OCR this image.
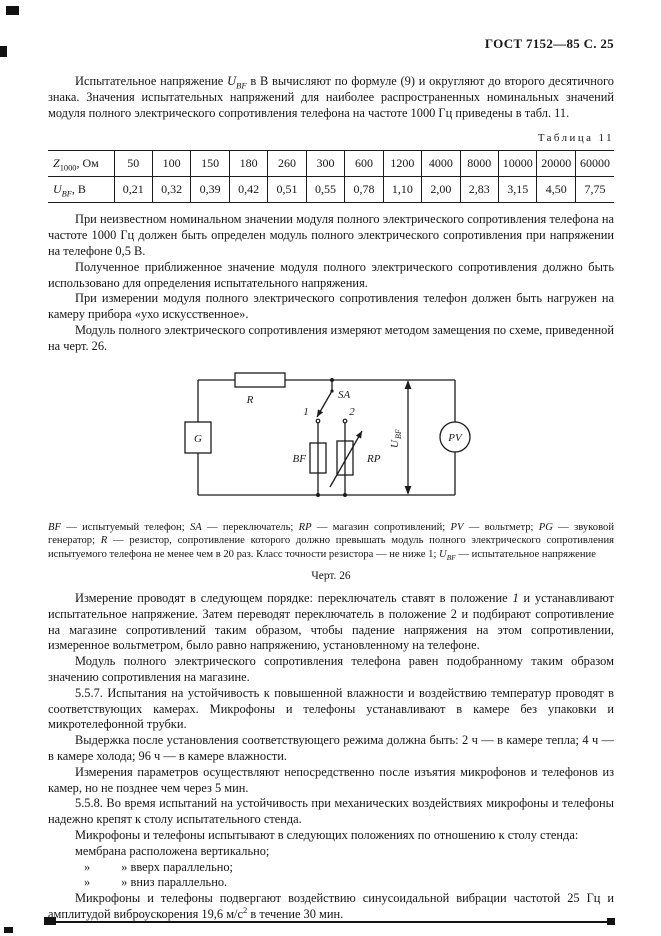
ГОСТ 7152—85 С. 25

Испытательное напряжение $U_{BF}$ в В вычисляют по формуле (9) и округляют до второго десятичного знака. Значения испытательных напряжений для наиболее распространенных номинальных значений модуля полного электрического сопротивления телефона на частоте 1000 Гц приведены в табл. 11.

Таблица 11
$Z_{1000}$, Ом	50	100	150	180	260	300	600	1200	4000	8000	10000	20000	60000
$U_{BF}$, В	0,21	0,32	0,39	0,42	0,51	0,55	0,78	1,10	2,00	2,83	3,15	4,50	7,75

При неизвестном номинальном значении модуля полного электрического сопротивления телефона на частоте 1000 Гц должен быть определен модуль полного электрического сопротивления при напряжении на телефоне 0,5 В.

Полученное приближенное значение модуля полного электрического сопротивления должно быть использовано для определения испытательного напряжения.

При измерении модуля полного электрического сопротивления телефон должен быть нагружен на камеру прибора «ухо искусственное».

Модуль полного электрического сопротивления измеряют методом замещения по схеме, приведенной на черт. 26.

G
R	SA
1	2
BF	RP
PV
U
BF
BF — испытуемый телефон; SA — переключатель; RP — магазин сопротивлений; PV — вольтметр; PG — звуковой генератор; R — резистор, сопротивление которого должно превышать модуль полного электрического сопротивления испытуемого телефона не менее чем в 20 раз. Класс точности резистора — не ниже 1; $U_{BF}$ — испытательное напряжение
Черт. 26

Измерение проводят в следующем порядке: переключатель ставят в положение 1 и устанавливают испытательное напряжение. Затем переводят переключатель в положение 2 и подбирают сопротивление на магазине сопротивлений таким образом, чтобы падение напряжения на этом сопротивлении, измеренное вольтметром, было равно напряжению, установленному на телефоне.

Модуль полного электрического сопротивления телефона равен подобранному таким образом значению сопротивления на магазине.

5.5.7. Испытания на устойчивость к повышенной влажности и воздействию температур проводят в соответствующих камерах. Микрофоны и телефоны устанавливают в камере без упаковки и микротелефонной трубки.

Выдержка после установления соответствующего режима должна быть: 2 ч — в камере тепла; 4 ч — в камере холода; 96 ч — в камере влажности.

Измерения параметров осуществляют непосредственно после изъятия микрофонов и телефонов из камер, но не позднее чем через 5 мин.

5.5.8. Во время испытаний на устойчивость при механических воздействиях микрофоны и телефоны надежно крепят к столу испытательного стенда.

Микрофоны и телефоны испытывают в следующих положениях по отношению к столу стенда:

мембрана расположена вертикально;

»          » вверх параллельно;

»          » вниз параллельно.

Микрофоны и телефоны подвергают воздействию синусоидальной вибрации частотой 25 Гц и амплитудой виброускорения 19,6 $м/с^2$ в течение 30 мин.
